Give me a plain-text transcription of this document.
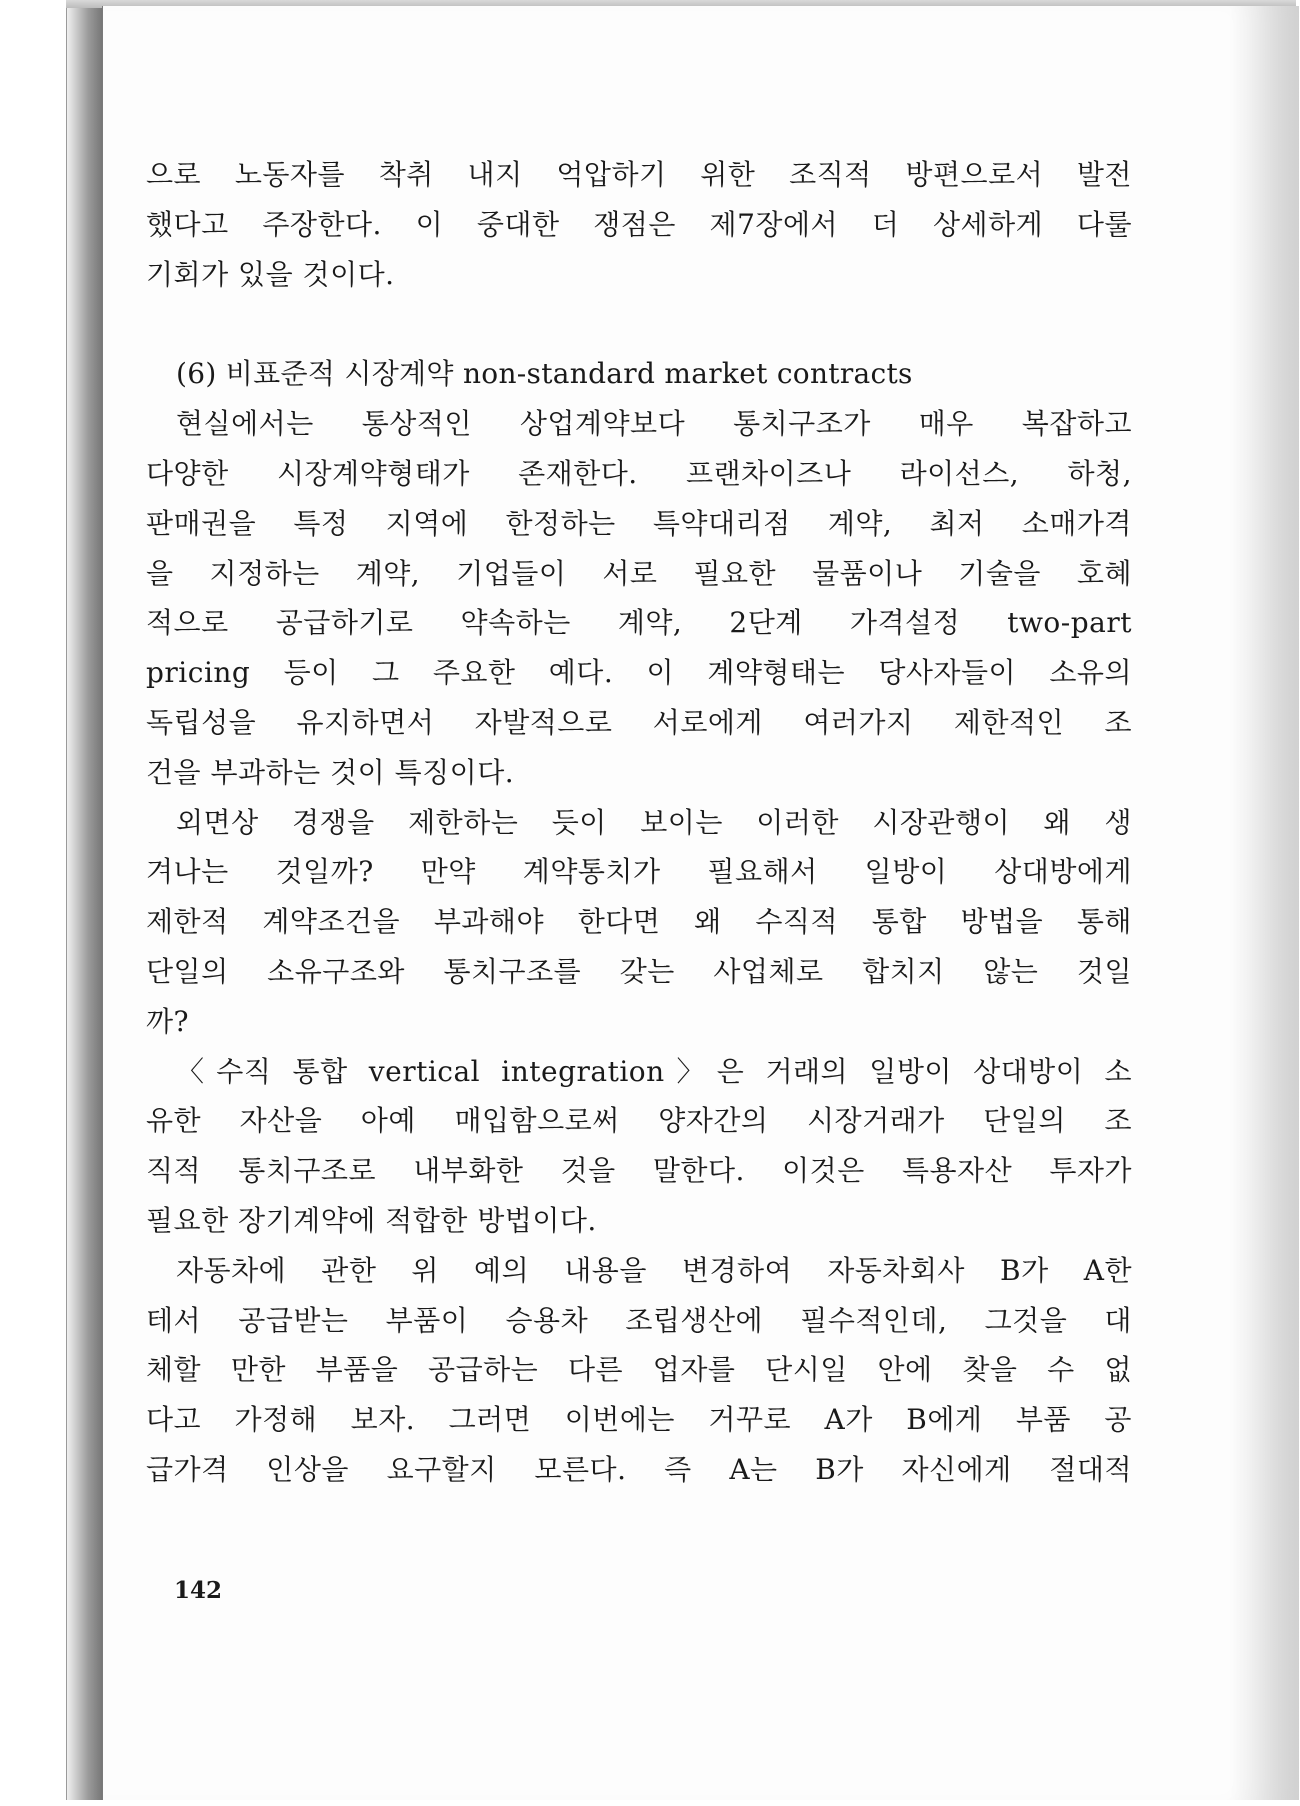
으로 노동자를 착취 내지 억압하기 위한 조직적 방편으로서 발전
했다고 주장한다. 이 중대한 쟁점은 제7장에서 더 상세하게 다룰
기회가 있을 것이다.
(6) 비표준적 시장계약 non-standard market contracts
현실에서는 통상적인 상업계약보다 통치구조가 매우 복잡하고
다양한 시장계약형태가 존재한다. 프랜차이즈나 라이선스, 하청,
판매권을 특정 지역에 한정하는 특약대리점 계약, 최저 소매가격
을 지정하는 계약, 기업들이 서로 필요한 물품이나 기술을 호혜
적으로 공급하기로 약속하는 계약, 2단계 가격설정 two-part
pricing 등이 그 주요한 예다. 이 계약형태는 당사자들이 소유의
독립성을 유지하면서 자발적으로 서로에게 여러가지 제한적인 조
건을 부과하는 것이 특징이다.
외면상 경쟁을 제한하는 듯이 보이는 이러한 시장관행이 왜 생
겨나는 것일까? 만약 계약통치가 필요해서 일방이 상대방에게
제한적 계약조건을 부과해야 한다면 왜 수직적 통합 방법을 통해
단일의 소유구조와 통치구조를 갖는 사업체로 합치지 않는 것일
까?
〈수직 통합 vertical integration〉은 거래의 일방이 상대방이 소
유한 자산을 아예 매입함으로써 양자간의 시장거래가 단일의 조
직적 통치구조로 내부화한 것을 말한다. 이것은 특용자산 투자가
필요한 장기계약에 적합한 방법이다.
자동차에 관한 위 예의 내용을 변경하여 자동차회사 B가 A한
테서 공급받는 부품이 승용차 조립생산에 필수적인데, 그것을 대
체할 만한 부품을 공급하는 다른 업자를 단시일 안에 찾을 수 없
다고 가정해 보자. 그러면 이번에는 거꾸로 A가 B에게 부품 공
급가격 인상을 요구할지 모른다. 즉 A는 B가 자신에게 절대적
142
